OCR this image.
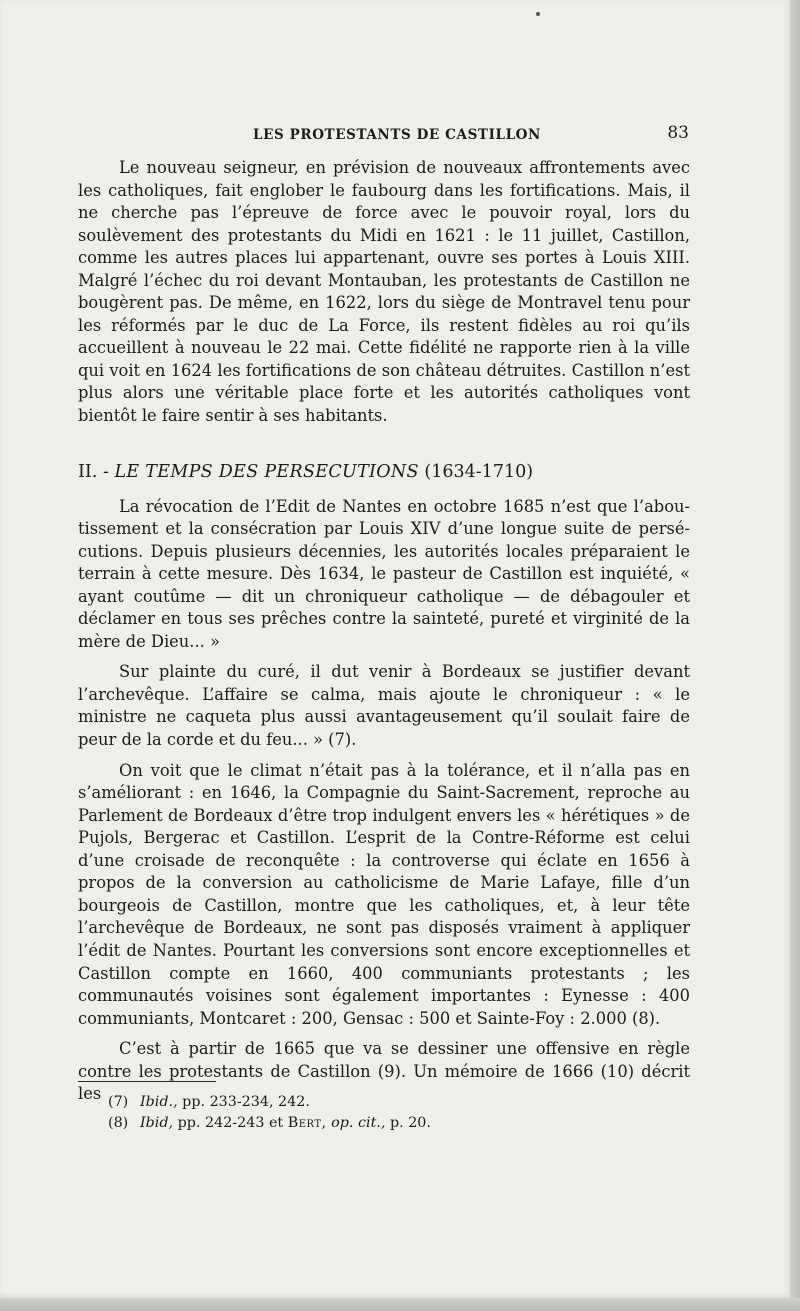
LES PROTESTANTS DE CASTILLON	83

Le nouveau seigneur, en prévision de nouveaux affrontements avec les catholiques, fait englober le faubourg dans les fortifications. Mais, il ne cherche pas l’épreuve de force avec le pouvoir royal, lors du soulèvement des protestants du Midi en 1621 : le 11 juillet, Castillon, comme les autres places lui appartenant, ouvre ses portes à Louis XIII. Malgré l’échec du roi devant Montauban, les protestants de Castillon ne bougèrent pas. De même, en 1622, lors du siège de Montravel tenu pour les réformés par le duc de La Force, ils restent fidèles au roi qu’ils accueillent à nouveau le 22 mai. Cette fidélité ne rapporte rien à la ville qui voit en 1624 les fortifications de son château détruites. Castillon n’est plus alors une véritable place forte et les autorités catholiques vont bientôt le faire sentir à ses habitants.

II. - LE TEMPS DES PERSECUTIONS (1634-1710)

La révocation de l’Edit de Nantes en octobre 1685 n’est que l’aboutissement et la consécration par Louis XIV d’une longue suite de persécutions. Depuis plusieurs décennies, les autorités locales préparaient le terrain à cette mesure. Dès 1634, le pasteur de Castillon est inquiété, « ayant coutûme — dit un chroniqueur catholique — de débagouler et déclamer en tous ses prêches contre la sainteté, pureté et virginité de la mère de Dieu... »

Sur plainte du curé, il dut venir à Bordeaux se justifier devant l’archevêque. L’affaire se calma, mais ajoute le chroniqueur : « le ministre ne caqueta plus aussi avantageusement qu’il soulait faire de peur de la corde et du feu... » (7).

On voit que le climat n’était pas à la tolérance, et il n’alla pas en s’améliorant : en 1646, la Compagnie du Saint-Sacrement, reproche au Parlement de Bordeaux d’être trop indulgent envers les « hérétiques » de Pujols, Bergerac et Castillon. L’esprit de la Contre-Réforme est celui d’une croisade de reconquête : la controverse qui éclate en 1656 à propos de la conversion au catholicisme de Marie Lafaye, fille d’un bourgeois de Castillon, montre que les catholiques, et, à leur tête l’archevêque de Bordeaux, ne sont pas disposés vraiment à appliquer l’édit de Nantes. Pourtant les conversions sont encore exceptionnelles et Castillon compte en 1660, 400 communiants protestants ; les communautés voisines sont également importantes : Eynesse : 400 communiants, Montcaret : 200, Gensac : 500 et Sainte-Foy : 2.000 (8).

C’est à partir de 1665 que va se dessiner une offensive en règle contre les protestants de Castillon (9). Un mémoire de 1666 (10) décrit les (7) Ibid., pp. 233-234, 242.
(8) Ibid, pp. 242-243 et Bert, op. cit., p. 20.
